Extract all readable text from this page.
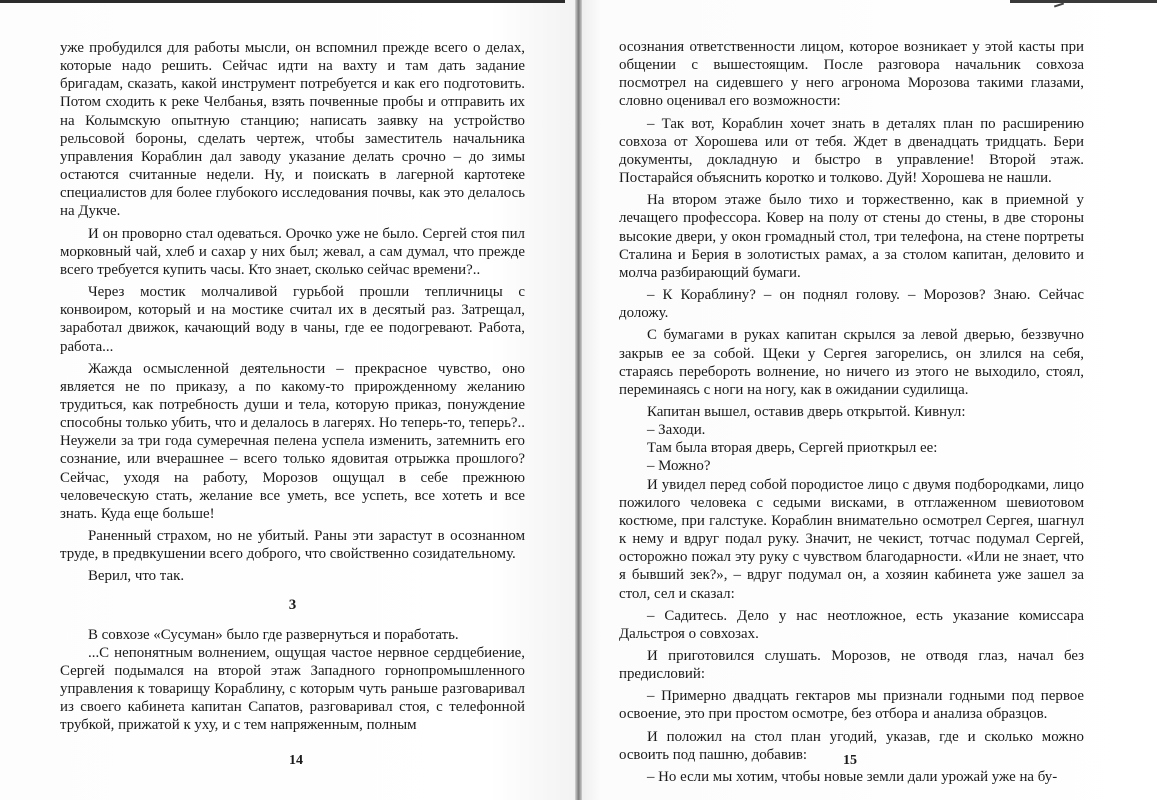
уже пробудился для работы мысли, он вспомнил прежде всего о делах, которые надо решить. Сейчас идти на вахту и там дать задание бригадам, сказать, какой инструмент потребуется и как его подготовить. Потом сходить к реке Челбанья, взять почвенные пробы и отправить их на Колымскую опытную станцию; написать заявку на устройство рельсовой бороны, сделать чертеж, чтобы заместитель начальника управления Кораблин дал заводу указание делать срочно – до зимы остаются считанные недели. Ну, и поискать в лагерной картотеке специалистов для более глубокого исследования почвы, как это делалось на Дукче.

И он проворно стал одеваться. Орочко уже не было. Сергей стоя пил морковный чай, хлеб и сахар у них был; жевал, а сам думал, что прежде всего требуется купить часы. Кто знает, сколько сейчас времени?..

Через мостик молчаливой гурьбой прошли тепличницы с конвоиром, который и на мостике считал их в десятый раз. Затрещал, заработал движок, качающий воду в чаны, где ее подогревают. Работа, работа...

Жажда осмысленной деятельности – прекрасное чувство, оно является не по приказу, а по какому-то прирожденному желанию трудиться, как потребность души и тела, которую приказ, понуждение способны только убить, что и делалось в лагерях. Но теперь-то, теперь?.. Неужели за три года сумеречная пелена успела изменить, затемнить его сознание, или вчерашнее – всего только ядовитая отрыжка прошлого? Сейчас, уходя на работу, Морозов ощущал в себе прежнюю человеческую стать, желание все уметь, все успеть, все хотеть и все знать. Куда еще больше!

Раненный страхом, но не убитый. Раны эти зарастут в осознанном труде, в предвкушении всего доброго, что свойственно созидательному.

Верил, что так.

3

В совхозе «Сусуман» было где развернуться и поработать.

...С непонятным волнением, ощущая частое нервное сердцебиение, Сергей подымался на второй этаж Западного горнопромышленного управления к товарищу Кораблину, с которым чуть раньше разговаривал из своего кабинета капитан Сапатов, разговаривал стоя, с телефонной трубкой, прижатой к уху, и с тем напряженным, полным

14

осознания ответственности лицом, которое возникает у этой касты при общении с вышестоящим. После разговора начальник совхоза посмотрел на сидевшего у него агронома Морозова такими глазами, словно оценивал его возможности:

– Так вот, Кораблин хочет знать в деталях план по расширению совхоза от Хорошева или от тебя. Ждет в двенадцать тридцать. Бери документы, докладную и быстро в управление! Второй этаж. Постарайся объяснить коротко и толково. Дуй! Хорошева не нашли.

На втором этаже было тихо и торжественно, как в приемной у лечащего профессора. Ковер на полу от стены до стены, в две стороны высокие двери, у окон громадный стол, три телефона, на стене портреты Сталина и Берия в золотистых рамах, а за столом капитан, деловито и молча разбирающий бумаги.

– К Кораблину? – он поднял голову. – Морозов? Знаю. Сейчас доложу.

С бумагами в руках капитан скрылся за левой дверью, беззвучно закрыв ее за собой. Щеки у Сергея загорелись, он злился на себя, стараясь перебороть волнение, но ничего из этого не выходило, стоял, переминаясь с ноги на ногу, как в ожидании судилища.

Капитан вышел, оставив дверь открытой. Кивнул:

– Заходи.

Там была вторая дверь, Сергей приоткрыл ее:

– Можно?

И увидел перед собой породистое лицо с двумя подбородками, лицо пожилого человека с седыми висками, в отглаженном шевиотовом костюме, при галстуке. Кораблин внимательно осмотрел Сергея, шагнул к нему и вдруг подал руку. Значит, не чекист, тотчас подумал Сергей, осторожно пожал эту руку с чувством благодарности. «Или не знает, что я бывший зек?», – вдруг подумал он, а хозяин кабинета уже зашел за стол, сел и сказал:

– Садитесь. Дело у нас неотложное, есть указание комиссара Дальстроя о совхозах.

И приготовился слушать. Морозов, не отводя глаз, начал без предисловий:

– Примерно двадцать гектаров мы признали годными под первое освоение, это при простом осмотре, без отбора и анализа образцов.

И положил на стол план угодий, указав, где и сколько можно освоить под пашню, добавив:

– Но если мы хотим, чтобы новые земли дали урожай уже на бу-

15
